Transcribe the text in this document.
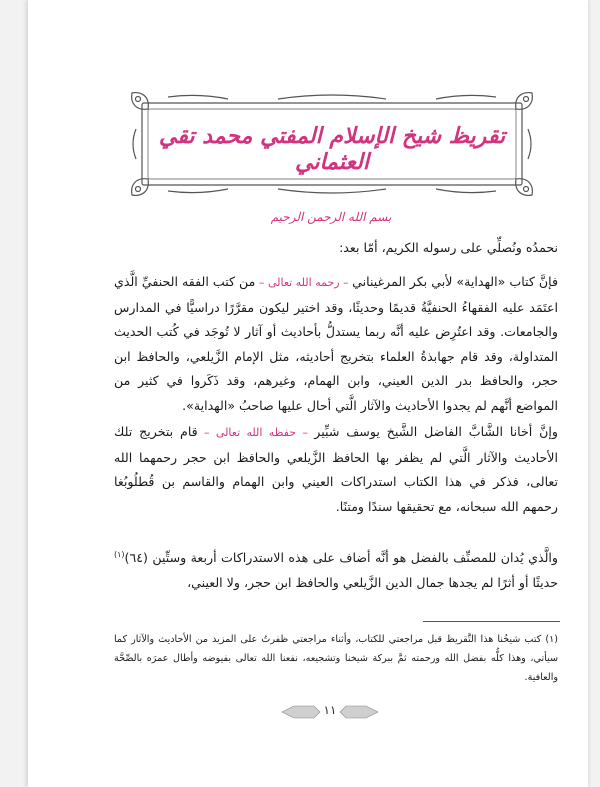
تقريظ شيخ الإسلام المفتي محمد تقي العثماني
بسم الله الرحمن الرحيم
نحمدُه ونُصلِّي على رسوله الكريم، أمّا بعد:
فإنَّ كتاب «الهداية» لأبي بكر المرغيناني – رحمه الله تعالى – من كتب الفقه الحنفيِّ الَّذي اعتَمَد عليه الفقهاءُ الحنفيَّةُ قديمًا وحديثًا، وقد اختير ليكون مقرَّرًا دراسيًّا في المدارس والجامعات. وقد اعتُرِض عليه أنَّه ربما يستدلُّ بأحاديث أو آثار لا تُوجَد في كُتب الحديث المتداولة، وقد قام جهابذةُ العلماء بتخريج أحاديثه، مثل الإمام الزَّيلعي، والحافظ ابن حجر، والحافظ بدر الدين العيني، وابن الهمام، وغيرهم، وقد ذَكَروا في كثير من المواضع أنَّهم لم يجدوا الأحاديث والآثار الَّتي أحال عليها صاحبُ «الهداية».
وإنَّ أخانا الشَّابَّ الفاضل الشَّيخ يوسف شبِّير – حفظه الله تعالى – قام بتخريج تلك الأحاديث والآثار الَّتي لم يظفر بها الحافظ الزَّيلعي والحافظ ابن حجر رحمهما الله تعالى، فذكر في هذا الكتاب استدراكات العيني وابن الهمام والقاسم بن قُطلُوبُغا رحمهم الله سبحانه، مع تحقيقها سندًا ومتنًا.
والَّذي يُدان للمصنِّف بالفضل هو أنَّه أضاف على هذه الاستدراكات أربعة وستِّين (٦٤)$^{(١)}$ حديثًا أو أثرًا لم يجدها جمال الدين الزَّيلعي والحافظ ابن حجر، ولا العيني،
(١) كتب شيخُنا هذا التَّقريظ قبل مراجعتي للكتاب، وأثناء مراجعتي ظفرتُ على المزيد من الأحاديث والآثار كما سيأتي، وهذا كلُّه بفضل الله ورحمته ثمَّ ببركة شيخنا وتشجيعه، نفعنا الله تعالى بفيوضه وأطال عمرَه بالصِّحَّة والعافية.
١١
